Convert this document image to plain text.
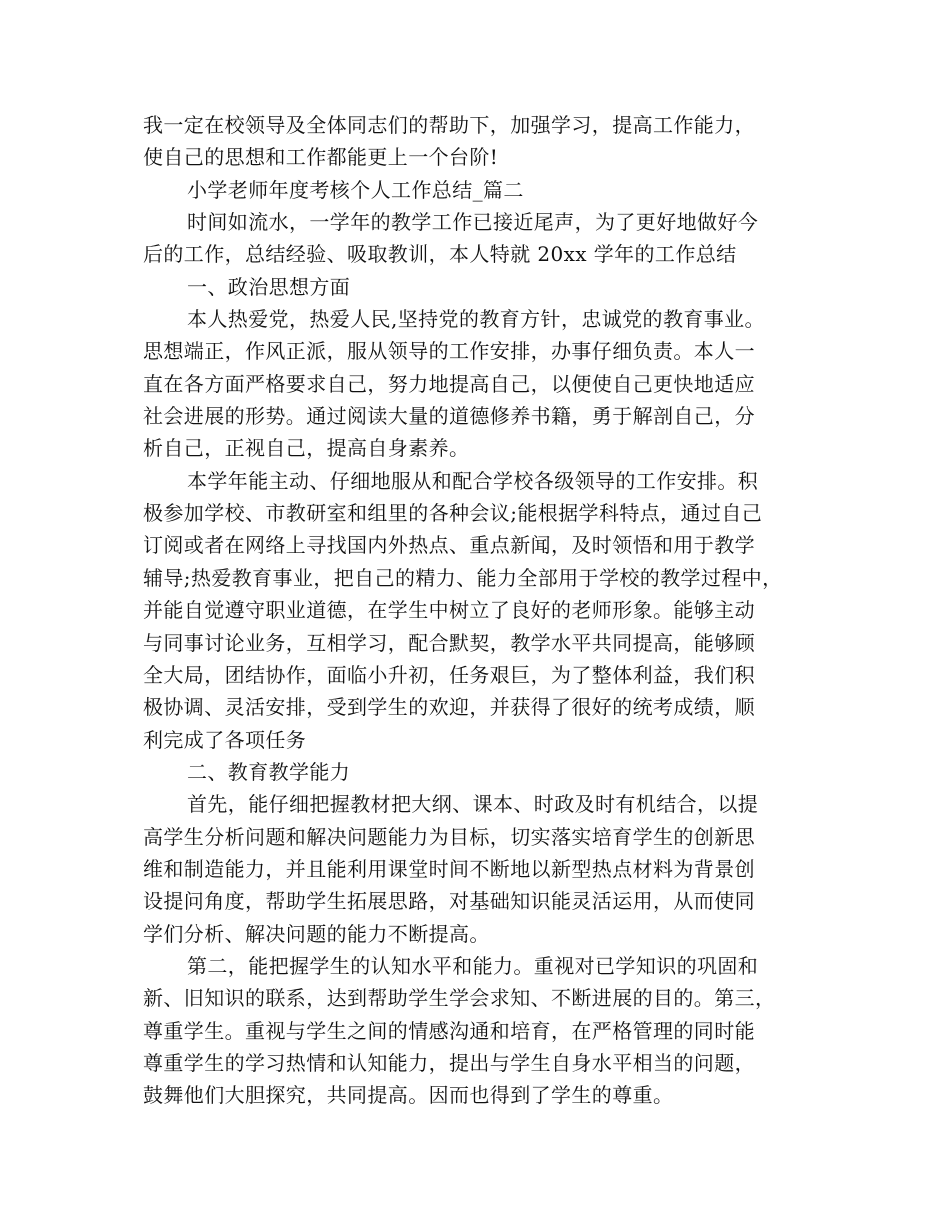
我一定在校领导及全体同志们的帮助下，加强学习，提高工作能力，
使自己的思想和工作都能更上一个台阶!
小学老师年度考核个人工作总结_篇二
时间如流水，一学年的教学工作已接近尾声，为了更好地做好今
后的工作，总结经验、吸取教训，本人特就 20xx 学年的工作总结
一、政治思想方面
本人热爱党，热爱人民,坚持党的教育方针，忠诚党的教育事业。
思想端正，作风正派，服从领导的工作安排，办事仔细负责。本人一
直在各方面严格要求自己，努力地提高自己，以便使自己更快地适应
社会进展的形势。通过阅读大量的道德修养书籍，勇于解剖自己，分
析自己，正视自己，提高自身素养。
本学年能主动、仔细地服从和配合学校各级领导的工作安排。积
极参加学校、市教研室和组里的各种会议;能根据学科特点，通过自己
订阅或者在网络上寻找国内外热点、重点新闻，及时领悟和用于教学
辅导;热爱教育事业，把自己的精力、能力全部用于学校的教学过程中，
并能自觉遵守职业道德，在学生中树立了良好的老师形象。能够主动
与同事讨论业务，互相学习，配合默契，教学水平共同提高，能够顾
全大局，团结协作，面临小升初，任务艰巨，为了整体利益，我们积
极协调、灵活安排，受到学生的欢迎，并获得了很好的统考成绩，顺
利完成了各项任务
二、教育教学能力
首先，能仔细把握教材把大纲、课本、时政及时有机结合，以提
高学生分析问题和解决问题能力为目标，切实落实培育学生的创新思
维和制造能力，并且能利用课堂时间不断地以新型热点材料为背景创
设提问角度，帮助学生拓展思路，对基础知识能灵活运用，从而使同
学们分析、解决问题的能力不断提高。
第二，能把握学生的认知水平和能力。重视对已学知识的巩固和
新、旧知识的联系，达到帮助学生学会求知、不断进展的目的。第三，
尊重学生。重视与学生之间的情感沟通和培育，在严格管理的同时能
尊重学生的学习热情和认知能力，提出与学生自身水平相当的问题，
鼓舞他们大胆探究，共同提高。因而也得到了学生的尊重。
